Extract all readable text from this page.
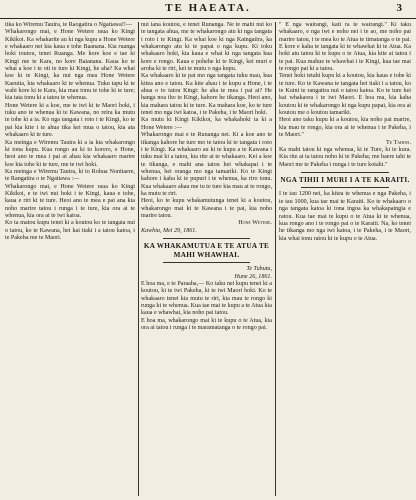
TE HAEATA.	3

tika ko Wiremu Tauira, te Raogatira o Ngatiawa!!—

Whakarongo mai, e Hone Wetere raua ko Kingi Kikikoi. Ka whakarite au ki nga kupu a Hone Wetere e whakaaro nei kia kaua e tohe Baanana. Kia ruanga hoki toutou, tenei Ruanga. Me kore koe e tae ki Kingi me te Kara, no kore Baianana. Kaua ko te whai a koe i te oti te ture ki Kingi, he aha? Ka whai koe ki te Kingi, ka nui nga mea Hone Wetere Kaeutia, kia whakaaro ki te whenua. Tuku tapu ki te wahi kore ki te Kara, kia mau tonu te tohe ki te ture; kia tata tonu ki a tatou te whenua.

Hone Wetere ki a koe, me te iwi ki te Maori hoki, i tuku ano te whenua ki te Kawana, no reira ka mutu te tohe ki a ia. Ko nga tangata i roto i te Kingi, ko te pai kia kite i te ahua tika kei mua o tatou, kia ata whakaaro ki te ture.

Ka meinga e Wiremu Tauira ki a ia kia whakarongo ki tona kupu. Kua rongo au ki to korero, e Hone, heoi ano te mea i pai ai ahau kia whakaaro marire koe kia tohe ki te ture, me te iwi hoki.

Ka meinga e Wiremu Tauira, ki to Rohua Nonitaere, te Rangatira o te Ngatiawa :—

Whakarongo mai, e Hone Wetere raua ko Kingi Kikikoi, e te iwi nui hoki i te Kingi, kaua e tohe, kaua e riri ki te ture. Heoi ano te mea e pai ana kia noho marire tatou i runga i te ture, kia ora ai te whenua, kia ora ai te iwi katoa.

Ko ta matou kupu tenei ki a koutou ko te tangata nui o tatou, ko te Kawana, hei kai tiaki i a tatou katoa, i te Pakeha me te Maori.

nui iana koutou, e tenei Runanga. Ne te mahi nui ko te tangata ahua, me te whakarongo atu ki nga tangata i roto i te Kingi. Ka whai koe ki nga Kaingatira, ka whakarongo atu ki te papai o nga kupu. Ki toku whakaaro hoki, kia kaua e whai ki nga tangata kua kore e rongo. Kaua e pohehe ki te Kingi, kei muri e aroha ki te riri, kei te mutu o nga kupu.

Ka whakaaro ki te pai mo nga tangata tuku mau, kua kitea ano e tatou. Ka kite ahau i te kupu a Hone, i te ahua o to tatou Kingi: he aha te mea i pai ai? He hanga noa iho te Kingi, kahore he tikanga. Heoi ano, kia mahara tatou ki te ture. Ka mahara koe, ko te ture tenei mo nga iwi katoa, i te Pakeha, i te Maori hoki.

Ka mutu ki Kingi Kikikoi, ka whakahoki ia ki a Hone Wetere :—

Whakarongo mai e te Runanga nei. Ki a koe ano te tikanga kahore he ture mo te tatou ki te tangata i roto i te Kingi. Ka whakaaro au ki te kupu a te Kawana i tuku mai ki a tatou, kia rite ai te whakaaro. Kei a koe te tikanga, e mahi ana tatou hei whakapai i te whenua, hei oranga mo nga tamariki. Ko te Kingi kahore i kaha ki te pupuri i te whenua, ka riro tonu. Kua whakaaro ahau me tu te ture kia mau ai te rongo, ka mutu te riri.

Heoi, ko te kupu whakamutunga tenei ki a koutou, whakarongo mai ki te Kawana i te pai, kia noho marire tatou.

Hone Wetere.

Kawhia, Mei 29, 1861.

KA WHAKAMUTUA E TE ATUA TE MAHI WHAWHAI.

Te Tuhutu,

Hune 26, 1861.

E hoa ma, e te Paraaha,— Ko taku nei kupu tenei ki a koutou, ki te iwi Pakeha, ki te iwi Maori hoki. Ko te whakaaro tenei kia mutu te riri, kia mau te rongo ki runga ki te whenua. Kua tae mai te kupu a te Atua kia kaua e whawhai, kia noho pai tatou.

E hoa ma, whakarongo mai ki te kupu o te Atua, kia ora ai tatou i runga i te maramatanga o te rongo pai.

" E nga wairangi, kati ra te wairangi." Ki taku whakaaro, e nga iwi e noho nei i te ao, me noho pai marire tatou, i te mea ko te Atua te timatanga o te pai. E kore e kaha te tangata ki te whawhai ki te Atua. Ka hoki atu tatou ki te kupu o te Atua, kia kite ai tatou i te pai. Kua mahue te whawhai i te Kingi, kua tae mai te rongo pai ki a tatou.

Tenei hoki tetahi kupu ki a koutou, kia kaua e tohe ki te ture. Ko te Kawana te tangata hei tiaki i a tatou, ko te Kuini te rangatira nui o tatou katoa. Ko te ture hei kai whakaora i te iwi Maori. E hoa ma, kia kaha koutou ki te whakarongo ki nga kupu papai, kia ora ai koutou me o koutou tamariki.

Heoi ano taku kupu ki a koutou, kia noho pai marire, kia mau te rongo, kia ora ai te whenua i te Pakeha, i te Maori."

Te Tahiwi.

Ka mahi tatou ki nga whenua, ki te Ture, ki te kura. Kia rite ai ta tatou noho ki te Pakeha; me haere tahi te Maori me te Pakeha i runga i te ture kotahi."

NGA TIHII I MURI I A TE KARAITI.

I te tau 1200 nei, ka kitea te whenua e nga Pakeha, i te tau 1000, kua tae mai te Karaiti. Ko te whakaaro o nga tangata katoa ki tona ingoa ka whakapaingia e ratou. Kua tae mai te kupu o te Atua ki te whenua, kua rongo ano i te rongo pai o te Karaiti. Na, ko tenei he tikanga mo nga iwi katoa, i te Pakeha, i te Maori, kia whai tonu ratou ki te kupu o te Atua.
